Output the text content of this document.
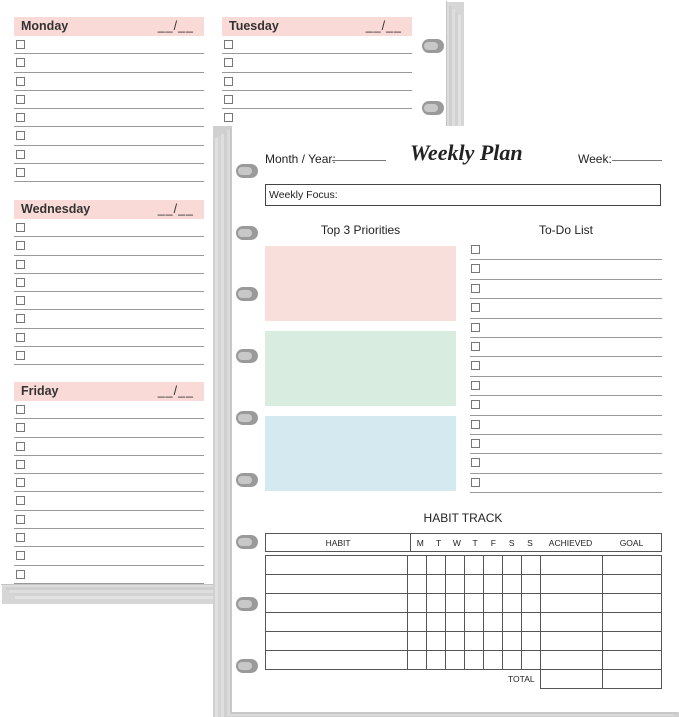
Monday	__/__	Tuesday	__/__
Wednesday	__/__
Friday	__/__
Month / Year:	Weekly Plan	Week:
Weekly Focus:
Top 3 Priorities	To-Do List
HABIT TRACK
HABIT	M	T	W	T	F	S	S	ACHIEVED	GOAL

TOTAL									
